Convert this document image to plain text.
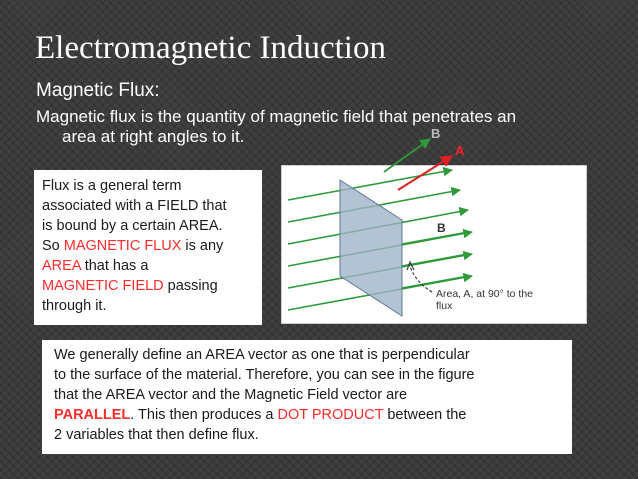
Electromagnetic Induction
Magnetic Flux:
Magnetic flux is the quantity of magnetic field that penetrates an
area at right angles to it.
Flux is a general term
associated with a FIELD that
is bound by a certain AREA.
So MAGNETIC FLUX is any
AREA that has a
MAGNETIC FIELD passing
through it.
B
A
B
Area, A, at 90° to the
flux
We generally define an AREA vector as one that is perpendicular
to the surface of the material. Therefore, you can see in the figure
that the AREA vector and the Magnetic Field vector are
PARALLEL. This then produces a DOT PRODUCT between the
2 variables that then define flux.
